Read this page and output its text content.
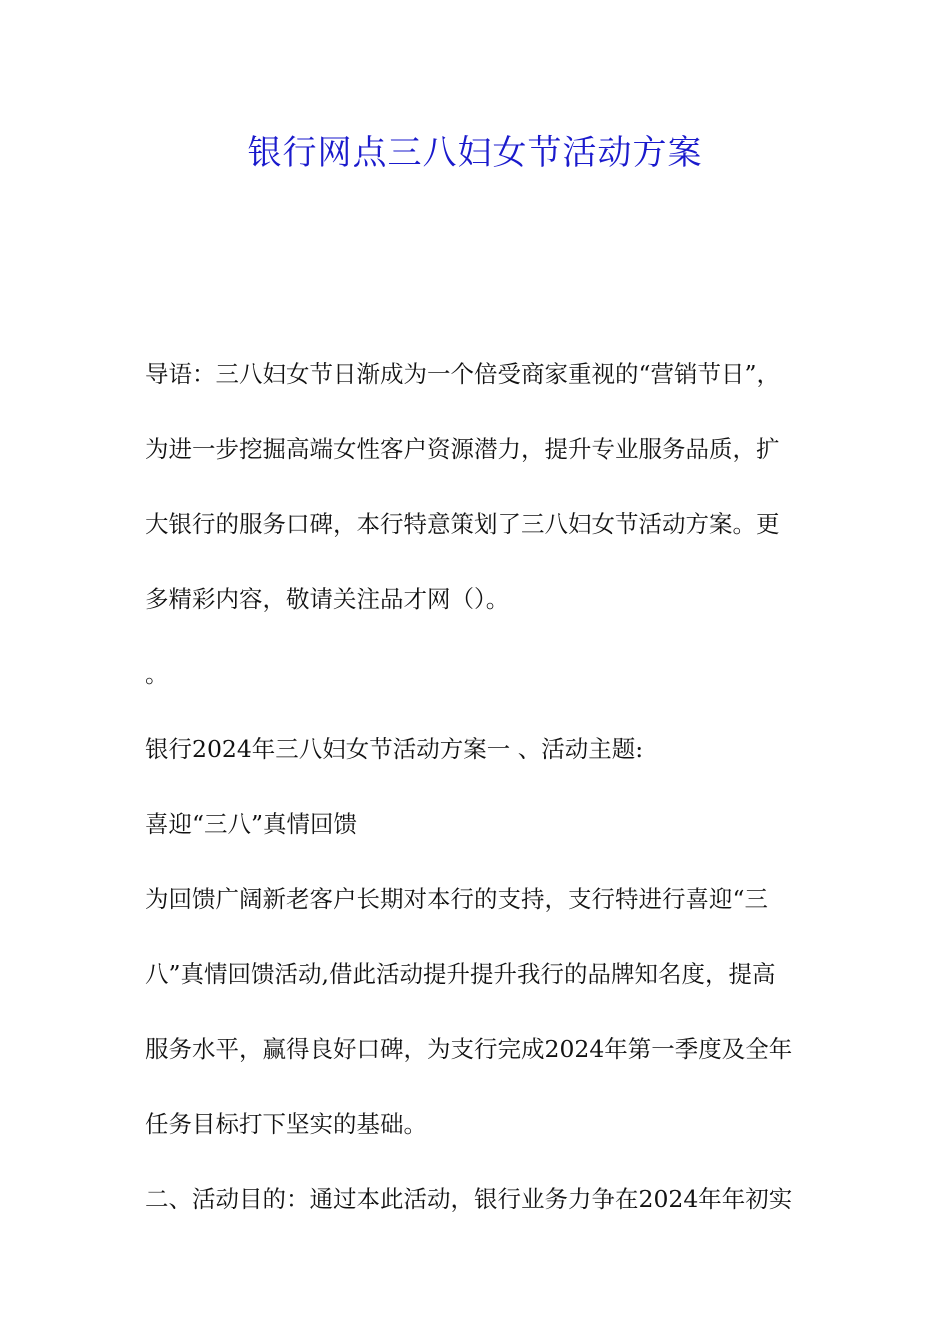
银行网点三八妇女节活动方案
导语：三八妇女节日渐成为一个倍受商家重视的“营销节日”，
为进一步挖掘高端女性客户资源潜力，提升专业服务品质，扩
大银行的服务口碑，本行特意策划了三八妇女节活动方案。更
多精彩内容，敬请关注品才网（）。
。
银行2024年三八妇女节活动方案一 、活动主题:
喜迎“三八”真情回馈
为回馈广阔新老客户长期对本行的支持，支行特进行喜迎“三
八”真情回馈活动,借此活动提升提升我行的品牌知名度，提高
服务水平，赢得良好口碑，为支行完成2024年第一季度及全年
任务目标打下坚实的基础。
二、活动目的：通过本此活动，银行业务力争在2024年年初实
